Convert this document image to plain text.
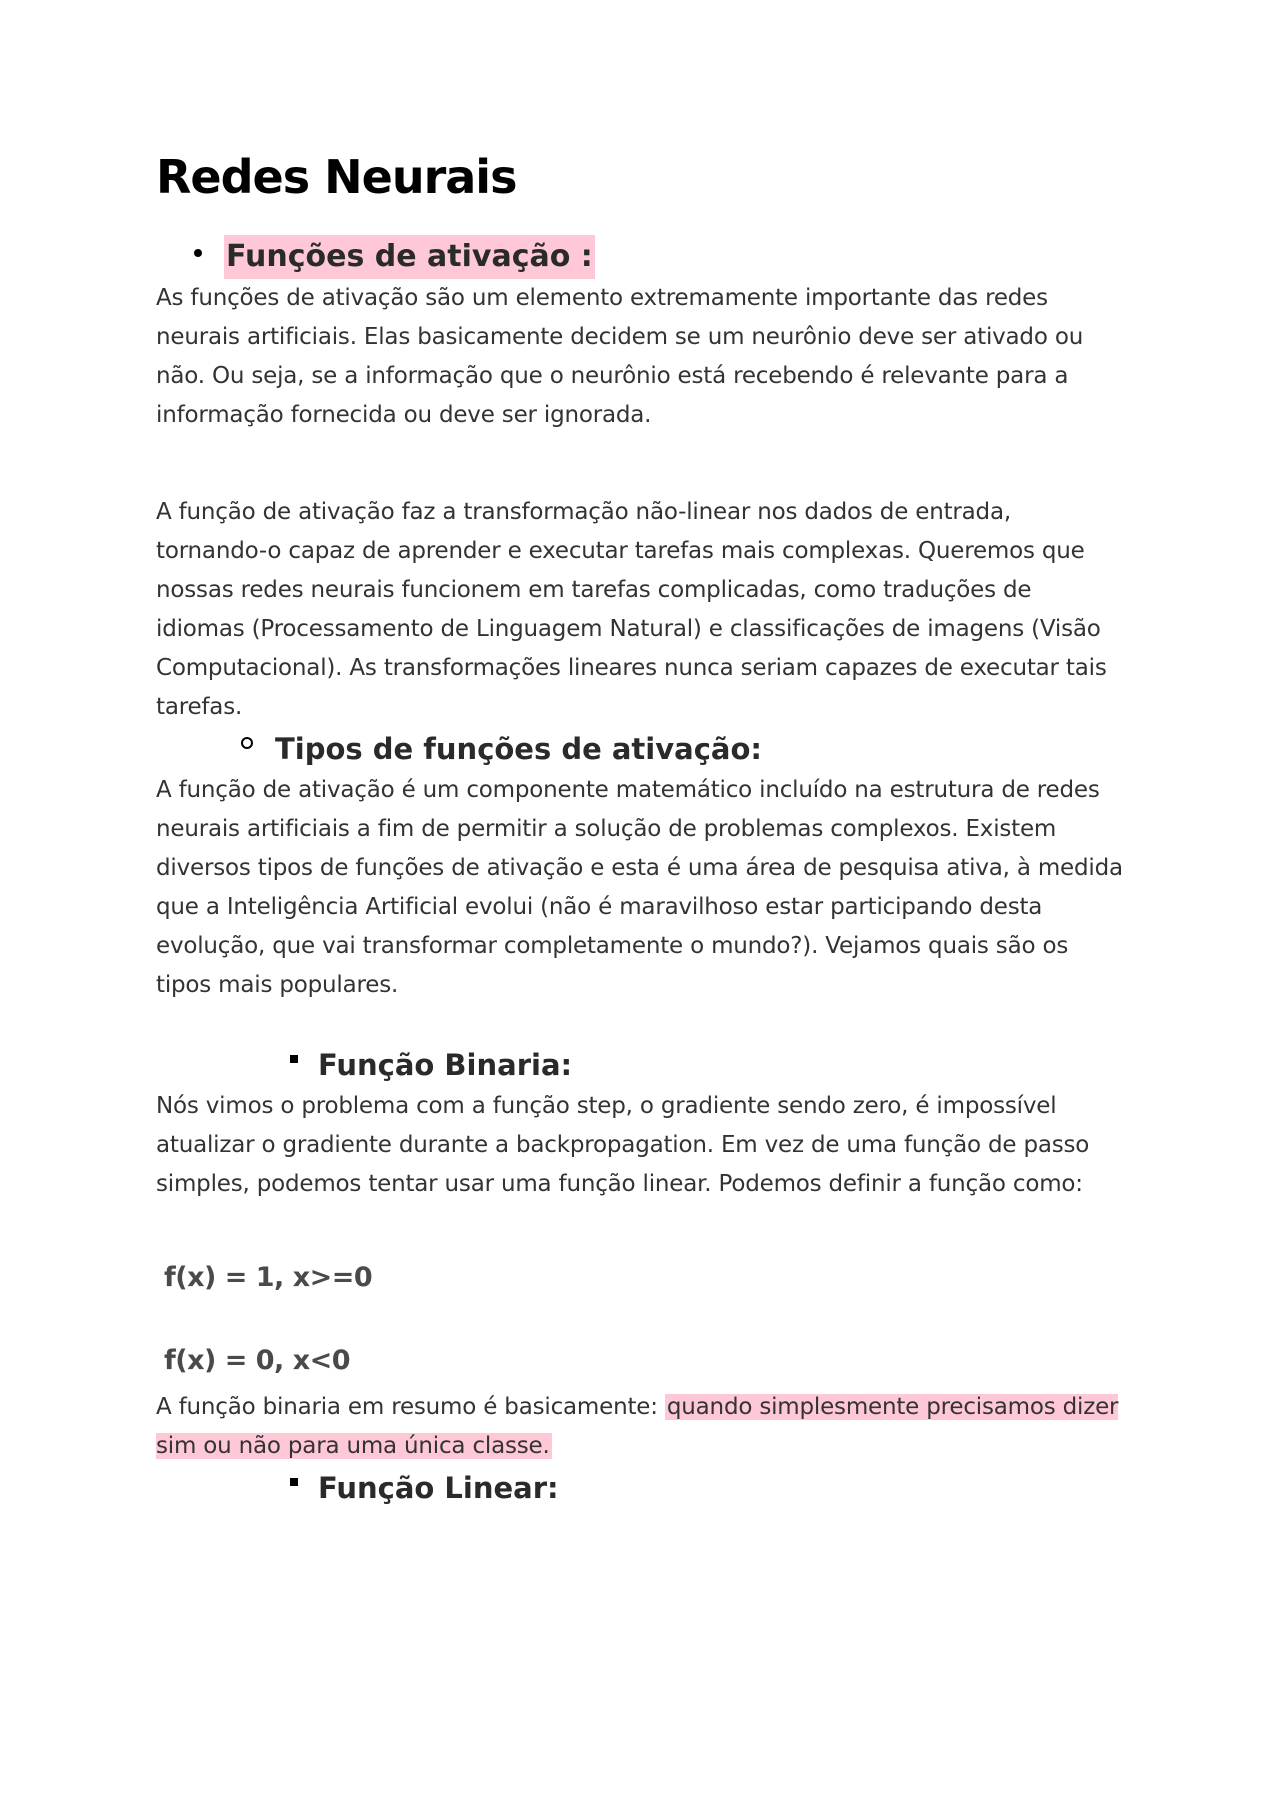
Redes Neurais
Funções de ativação :

As funções de ativação são um elemento extremamente importante das redes neurais artificiais. Elas basicamente decidem se um neurônio deve ser ativado ou não. Ou seja, se a informação que o neurônio está recebendo é relevante para a informação fornecida ou deve ser ignorada.

A função de ativação faz a transformação não-linear nos dados de entrada, tornando-o capaz de aprender e executar tarefas mais complexas. Queremos que nossas redes neurais funcionem em tarefas complicadas, como traduções de idiomas (Processamento de Linguagem Natural) e classificações de imagens (Visão Computacional). As transformações lineares nunca seriam capazes de executar tais tarefas.

Tipos de funções de ativação:

A função de ativação é um componente matemático incluído na estrutura de redes neurais artificiais a fim de permitir a solução de problemas complexos. Existem diversos tipos de funções de ativação e esta é uma área de pesquisa ativa, à medida que a Inteligência Artificial evolui (não é maravilhoso estar participando desta evolução, que vai transformar completamente o mundo?). Vejamos quais são os tipos mais populares.

Função Binaria:

Nós vimos o problema com a função step, o gradiente sendo zero, é impossível atualizar o gradiente durante a backpropagation. Em vez de uma função de passo simples, podemos tentar usar uma função linear. Podemos definir a função como:

f(x) = 1, x>=0
f(x) = 0, x<0

A função binaria em resumo é basicamente: quando simplesmente precisamos dizer sim ou não para uma única classe.

Função Linear:
